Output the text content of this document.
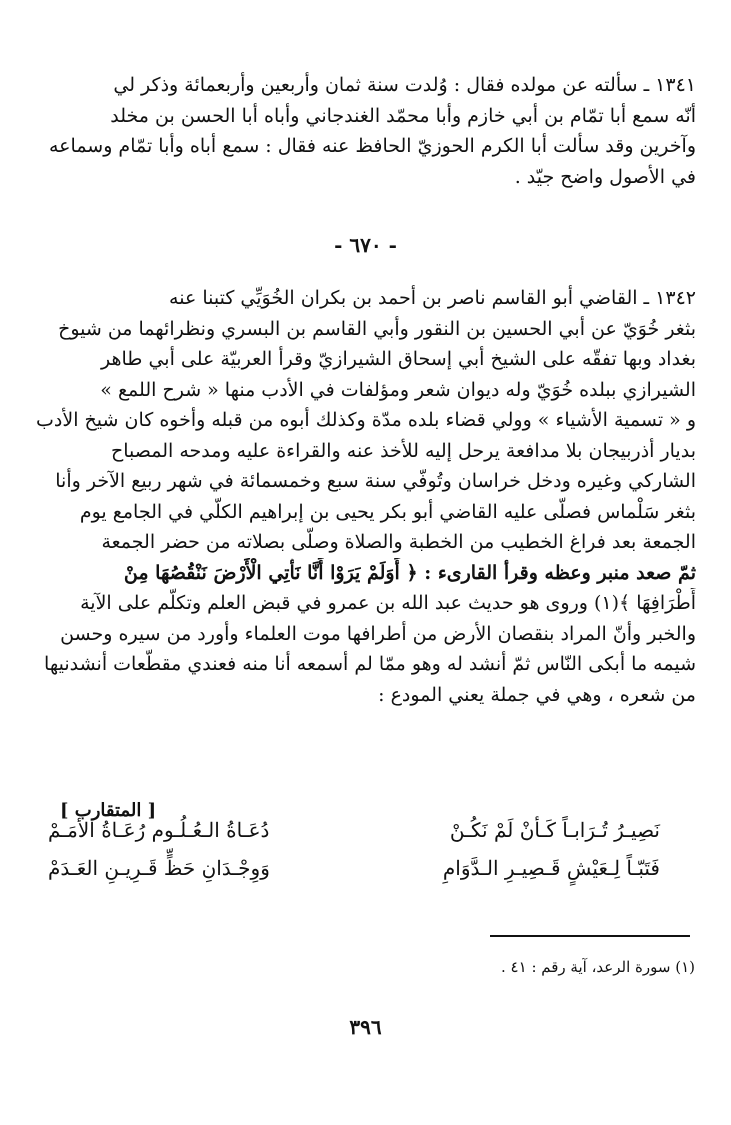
١٣٤١ ـ سألته عن مولده فقال : وُلدت سنة ثمان وأربعين وأربعمائة وذكر لي
أنّه سمع أبا تمّام بن أبي خازم وأبا محمّد الغندجاني وأباه أبا الحسن بن مخلد
وآخرين وقد سألت أبا الكرم الحوزيّ الحافظ عنه فقال : سمع أباه وأبا تمّام وسماعه
في الأصول واضح جيّد .
- ٦٧٠ -
١٣٤٢ ـ القاضي أبو القاسم ناصر بن أحمد بن بكران الخُوَيِّي كتبنا عنه
بثغر خُوَيّ عن أبي الحسين بن النقور وأبي القاسم بن البسري ونظرائهما من شيوخ
بغداد وبها تفقّه على الشيخ أبي إسحاق الشيرازيّ وقرأ العربيّة على أبي طاهر
الشيرازي ببلده خُوَيّ وله ديوان شعر ومؤلفات في الأدب منها « شرح اللمع »
و « تسمية الأشياء » وولي قضاء بلده مدّة وكذلك أبوه من قبله وأخوه كان شيخ الأدب
بديار أذربيجان بلا مدافعة يرحل إليه للأخذ عنه والقراءة عليه ومدحه المصباح
الشاركي وغيره ودخل خراسان وتُوفّي سنة سبع وخمسمائة في شهر ربيع الآخر وأنا
بثغر سَلْماس فصلّى عليه القاضي أبو بكر يحيى بن إبراهيم الكلّي في الجامع يوم
الجمعة بعد فراغ الخطيب من الخطبة والصلاة وصلّى بصلاته من حضر الجمعة
ثمّ صعد منبر وعظه وقرأ القارىء : ﴿ أَوَلَمْ يَرَوْا أَنَّا نَأْتِي الْأَرْضَ نَنْقُصُهَا مِنْ
أَطْرَافِهَا ﴾(١) وروى هو حديث عبد الله بن عمرو في قبض العلم وتكلّم على الآية
والخبر وأنّ المراد بنقصان الأرض من أطرافها موت العلماء وأورد من سيره وحسن
شيمه ما أبكى النّاس ثمّ أنشد له وهو ممّا لم أسمعه أنا منه فعندي مقطّعات أنشدنيها
من شعره ، وهي في جملة يعني المودع :
[ المتقارب ]
نَصِيـرُ تُـرَابـاً كَـأنْ لَمْ نَكُـنْ
دُعَـاةُ الـعُـلُـوم رُعَـاةُ الأمَـمْ
فَتَبّـاً لِـعَيْشٍ قَـصِيـرِ الـدَّوَامِ
وَوِجْـدَانِ حَظٍّ قَـرِيـنِ العَـدَمْ
(١) سورة الرعد، آية رقم : ٤١ .
٣٩٦
